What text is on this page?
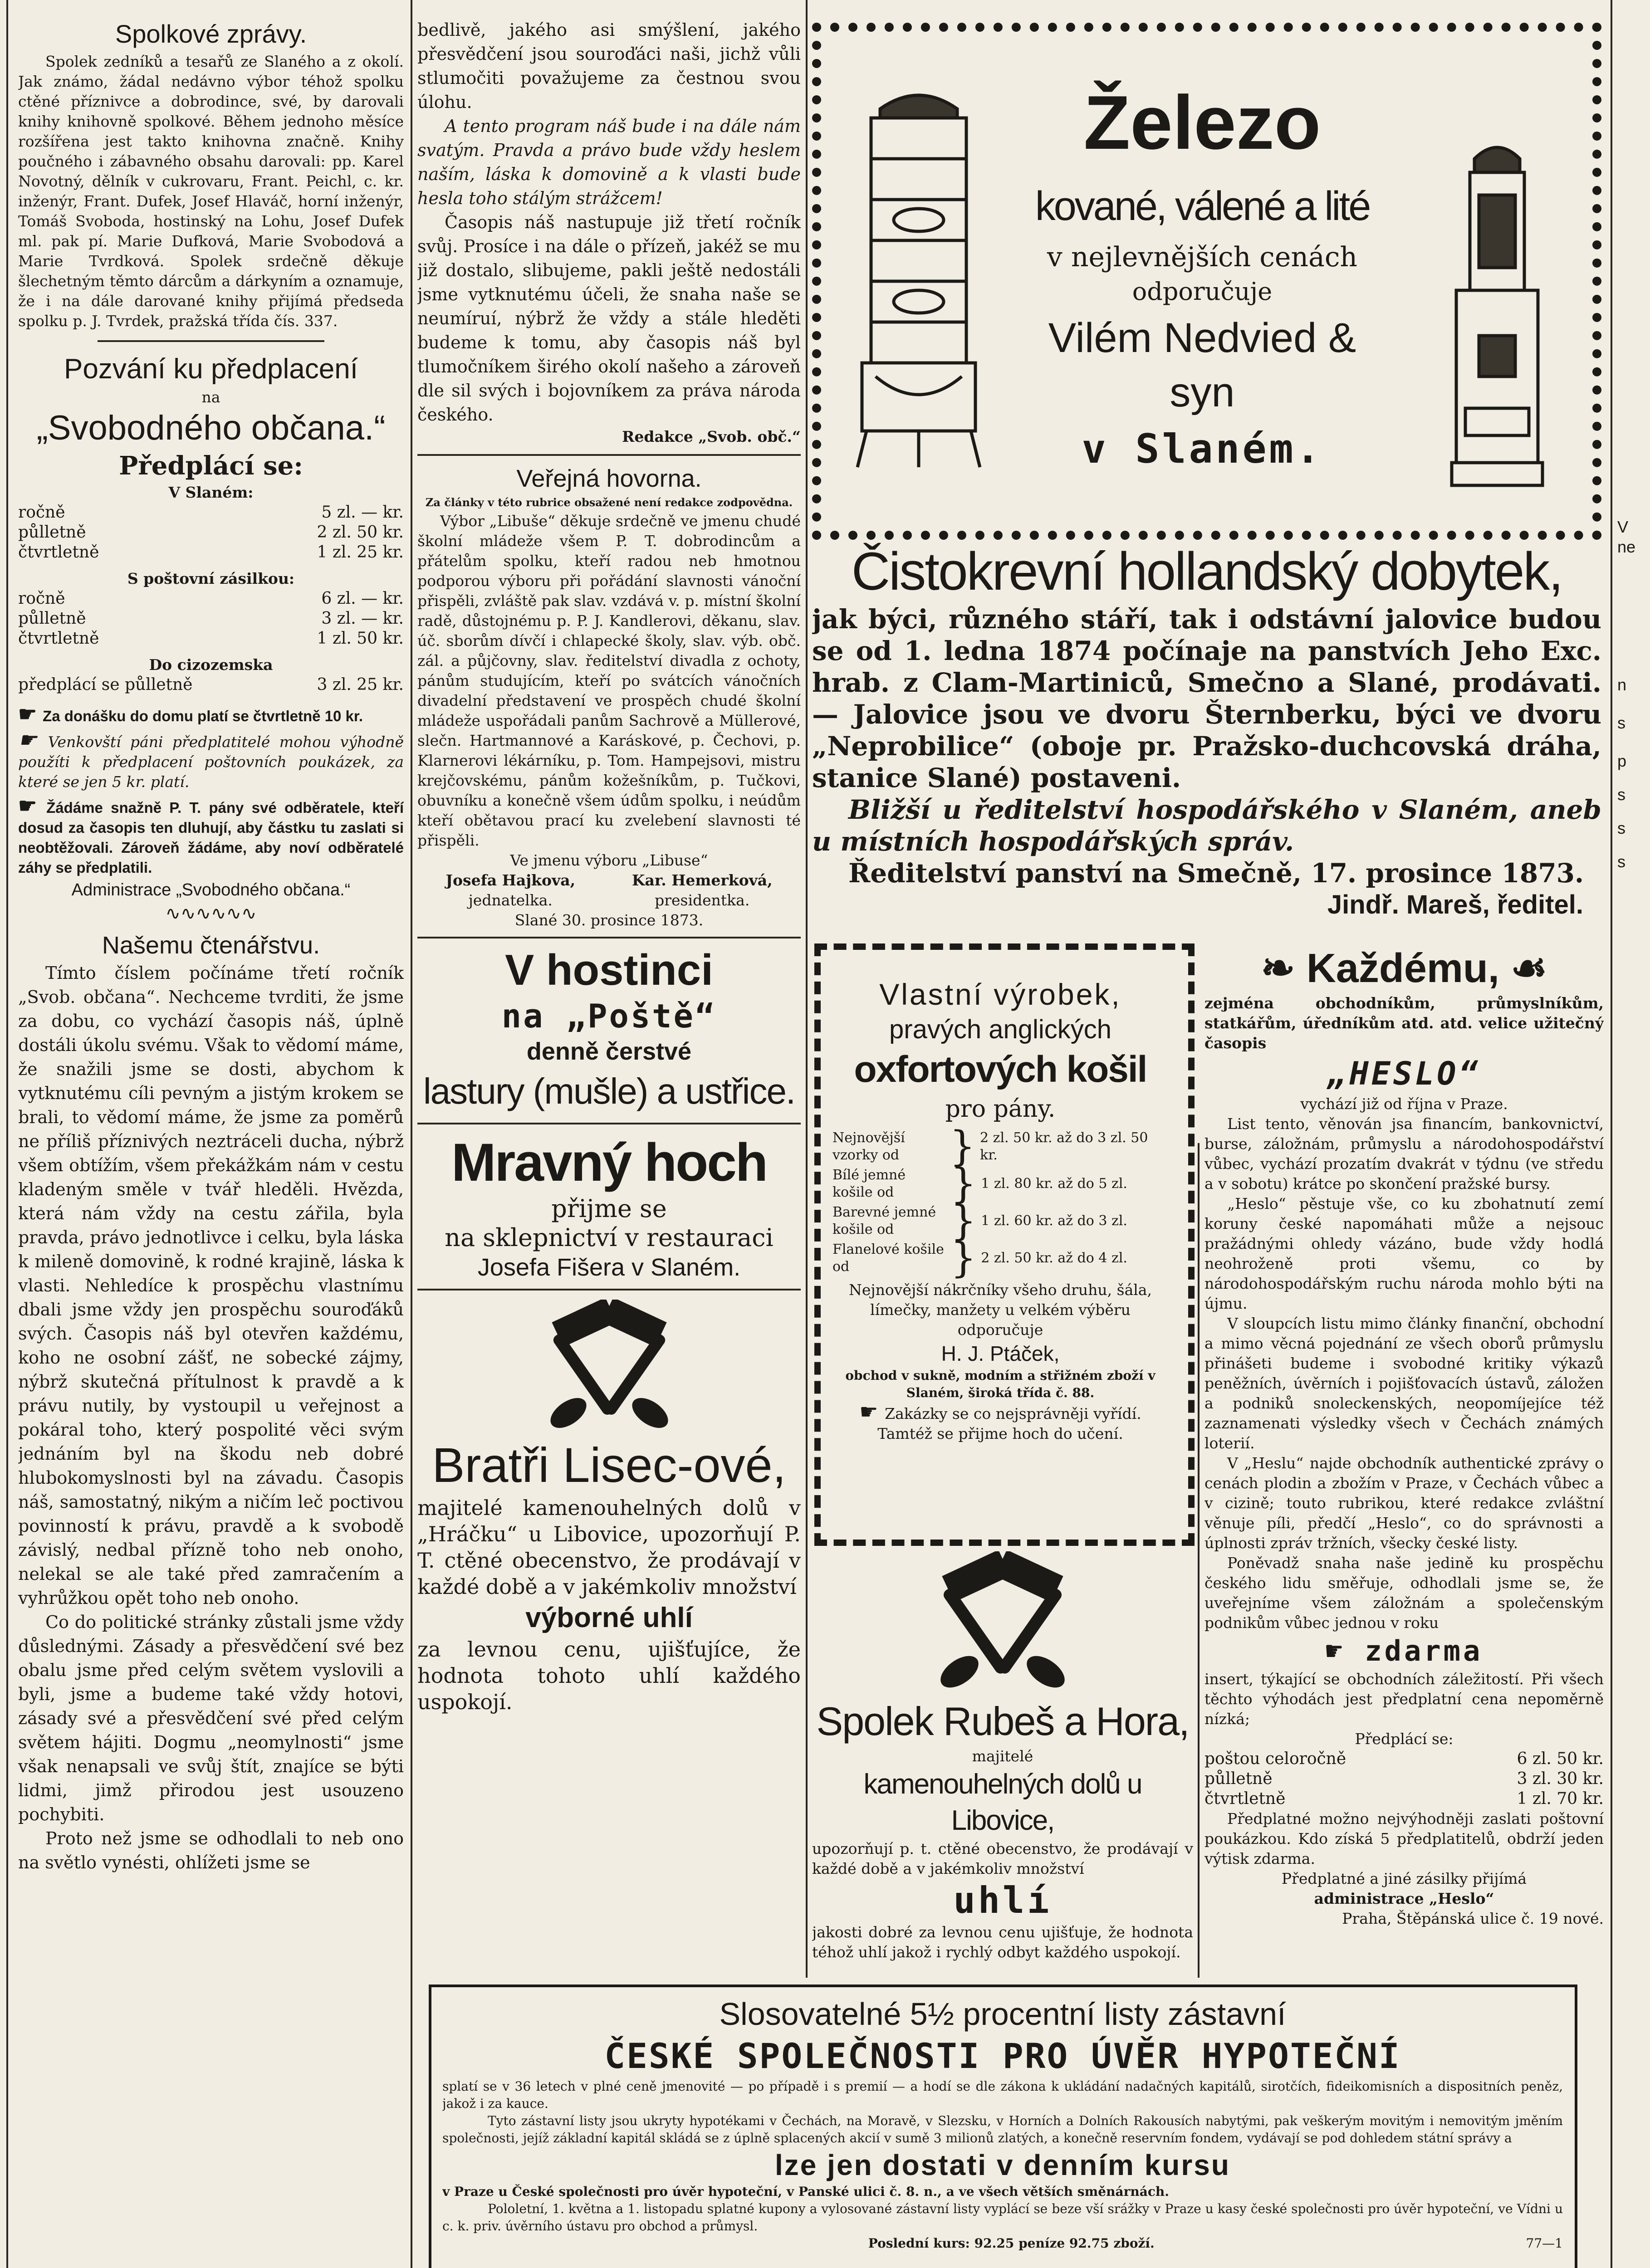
Spolkové zprávy.

Spolek zedníků a tesařů ze Slaného a z okolí. Jak známo, žádal nedávno výbor téhož spolku ctěné příznivce a dobrodince, své, by darovali knihy knihovně spolkové. Během jednoho měsíce rozšířena jest takto knihovna značně. Knihy poučného i zábavného obsahu darovali: pp. Karel Novotný, dělník v cukrovaru, Frant. Peichl, c. kr. inženýr, Frant. Dufek, Josef Hlaváč, horní inženýr, Tomáš Svoboda, hostinský na Lohu, Josef Dufek ml. pak pí. Marie Dufková, Marie Svobodová a Marie Tvrdková. Spolek srdečně děkuje šlechetným těmto dárcům a dárkyním a oznamuje, že i na dále darované knihy přijímá předseda spolku p. J. Tvrdek, pražská třída čís. 337.

Pozvání ku předplacení

na

„Svobodného občana.“

Předplácí se:

V Slaném:

ročně	5 zl. — kr.
půlletně	2 zl. 50 kr.
čtvrtletně	1 zl. 25 kr.

S poštovní zásilkou:

ročně	6 zl. — kr.
půlletně	3 zl. — kr.
čtvrtletně	1 zl. 50 kr.

Do cizozemska

předplácí se půlletně	3 zl. 25 kr.

☛ Za donášku do domu platí se čtvrtletně 10 kr.

☛ Venkovští páni předplatitelé mohou výhodně použíti k předplacení poštovních poukázek, za které se jen 5 kr. platí.

☛ Žádáme snažně P. T. pány své odběratele, kteří dosud za časopis ten dluhují, aby částku tu zaslati si neobtěžovali. Zároveň žádáme, aby noví odběratelé záhy se předplatili.

Administrace „Svobodného občana.“

∿∿∿∿∿∿

Našemu čtenářstvu.

Tímto číslem počínáme třetí ročník „Svob. občana“. Nechceme tvrditi, že jsme za dobu, co vychází časopis náš, úplně dostáli úkolu svému. Však to vědomí máme, že snažili jsme se dosti, abychom k vytknutému cíli pevným a jistým krokem se brali, to vědomí máme, že jsme za poměrů ne příliš příznivých neztráceli ducha, nýbrž všem obtížím, všem překážkám nám v cestu kladeným směle v tvář hleděli. Hvězda, která nám vždy na cestu zářila, byla pravda, právo jednotlivce i celku, byla láska k mileně domovině, k rodné krajině, láska k vlasti. Nehledíce k prospěchu vlastnímu dbali jsme vždy jen prospěchu souroďáků svých. Časopis náš byl otevřen každému, koho ne osobní zášť, ne sobecké zájmy, nýbrž skutečná přítulnost k pravdě a k právu nutily, by vystoupil u veřejnost a pokáral toho, který pospolité věci svým jednáním byl na škodu neb dobré hlubokomyslnosti byl na závadu. Časopis náš, samostatný, nikým a ničím leč poctivou povinností k právu, pravdě a k svobodě závislý, nedbal přízně toho neb onoho, nelekal se ale také před zamračením a vyhrůžkou opět toho neb onoho.

Co do politické stránky zůstali jsme vždy důslednými. Zásady a přesvědčení své bez obalu jsme před celým světem vyslovili a byli, jsme a budeme také vždy hotovi, zásady své a přesvědčení své před celým světem hájiti. Dogmu „neomylnosti“ jsme však nenapsali ve svůj štít, znajíce se býti lidmi, jimž přirodou jest usouzeno pochybiti.

Proto než jsme se odhodlali to neb ono na světlo vynésti, ohlížeti jsme se

bedlivě, jakého asi smýšlení, jakého přesvědčení jsou souroďáci naši, jichž vůli stlumočiti považujeme za čestnou svou úlohu.

A tento program náš bude i na dále nám svatým. Pravda a právo bude vždy heslem naším, láska k domovině a k vlasti bude hesla toho stálým strážcem!

Časopis náš nastupuje již třetí ročník svůj. Prosíce i na dále o přízeň, jakéž se mu již dostalo, slibujeme, pakli ještě nedostáli jsme vytknutému účeli, že snaha naše se neumíruí, nýbrž že vždy a stále hleděti budeme k tomu, aby časopis náš byl tlumočníkem širého okolí našeho a zároveň dle sil svých i bojovníkem za práva národa českého.

Redakce „Svob. obč.“

Veřejná hovorna.

Za články v této rubrice obsažené není redakce zodpovědna.

Výbor „Libuše“ děkuje srdečně ve jmenu chudé školní mládeže všem P. T. dobrodincům a přátelům spolku, kteří radou neb hmotnou podporou výboru při pořádání slavnosti vánoční přispěli, zvláště pak slav. vzdává v. p. místní školní radě, důstojnému p. P. J. Kandlerovi, děkanu, slav. úč. sborům dívčí i chlapecké školy, slav. výb. obč. zál. a půjčovny, slav. ředitelství divadla z ochoty, pánům studujícím, kteří po svátcích vánočních divadelní představení ve prospěch chudé školní mládeže uspořádali panům Sachrově a Müllerové, slečn. Hartmannové a Karáskové, p. Čechovi, p. Klarnerovi lékárníku, p. Tom. Hampejsovi, mistru krejčovskému, pánům kožešníkům, p. Tučkovi, obuvníku a konečně všem údům spolku, i neúdům kteří obětavou prací ku zvelebení slavnosti té přispěli.

Ve jmenu výboru „Libuse“

Josefa Hajkova,

jednatelka.

Kar. Hemerková,

presidentka.

Slané 30. prosince 1873.

V hostinci

na „Poště“

denně čerstvé

lastury (mušle) a ustřice.

Mravný hoch

přijme se

na sklepnictví v restauraci

Josefa Fišera v Slaném.

Bratři Lisec-ové,

majitelé kamenouhelných dolů v „Hráčku“ u Libovice, upozorňují P. T. ctěné obecenstvo, že prodávají v každé době a v jakémkoliv množství

výborné uhlí

za levnou cenu, ujišťujíce, že hodnota tohoto uhlí každého uspokojí.

Železo

kované, válené a lité

v nejlevnějších cenách

odporučuje

Vilém Nedvied &

syn

v Slaném.

Čistokrevní hollandský dobytek,

jak býci, různého stáří, tak i odstávní jalovice budou se od 1. ledna 1874 počínaje na panstvích Jeho Exc. hrab. z Clam-Martiniců, Smečno a Slané, prodávati. — Jalovice jsou ve dvoru Šternberku, býci ve dvoru „Neprobilice“ (oboje pr. Pražsko-duchcovská dráha, stanice Slané) postaveni.

Bližší u ředitelství hospodářského v Slaném, aneb u místních hospodářských správ.

Ředitelství panství na Smečně, 17. prosince 1873.

Jindř. Mareš, ředitel.

Vlastní výrobek,

pravých anglických

oxfortových košil

pro pány.

Nejnovější vzorky od	} 2 zl. 50 kr. až do 3 zl. 50 kr.
Bílé jemné košile od	} 1 zl. 80 kr. až do 5 zl.
Barevné jemné košile od	} 1 zl. 60 kr. až do 3 zl.
Flanelové košile od	} 2 zl. 50 kr. až do 4 zl.

Nejnovější nákrčníky všeho druhu, šála, límečky, manžety u velkém výběru odporučuje

H. J. Ptáček,

obchod v sukně, modním a střižném zboží v Slaném, široká třída č. 88.

☛ Zakázky se co nejsprávněji vyřídí.

Tamtéž se přijme hoch do učení.

Spolek Rubeš a Hora,

majitelé

kamenouhelných dolů u Libovice,

upozorňují p. t. ctěné obecenstvo, že prodávají v každé době a v jakémkoliv množství

uhlí

jakosti dobré za levnou cenu ujišťuje, že hodnota téhož uhlí jakož i rychlý odbyt každého uspokojí.

❧ Každému, ☙

zejména obchodníkům, průmyslníkům, statkářům, úředníkům atd. atd. velice užitečný časopis

„HESLO“

vychází již od října v Praze.

List tento, věnován jsa financím, bankovnictví, burse, záložnám, průmyslu a národohospodářství vůbec, vychází prozatím dvakrát v týdnu (ve středu a v sobotu) krátce po skončení pražské bursy.

„Heslo“ pěstuje vše, co ku zbohatnutí zemí koruny české napomáhati může a nejsouc pražádnými ohledy vázáno, bude vždy hodlá neohroženě proti všemu, co by národohospodářským ruchu národa mohlo býti na újmu.

V sloupcích listu mimo články finanční, obchodní a mimo věcná pojednání ze všech oborů průmyslu přinášeti budeme i svobodné kritiky výkazů peněžních, úvěrních i pojišťovacích ústavů, záložen a podniků snoleckenských, neopomíjejíce též zaznamenati výsledky všech v Čechách známých loterií.

V „Heslu“ najde obchodník authentické zprávy o cenách plodin a zbožím v Praze, v Čechách vůbec a v cizině; touto rubrikou, které redakce zvláštní věnuje píli, předčí „Heslo“, co do správnosti a úplnosti zpráv tržních, všecky české listy.

Poněvadž snaha naše jedině ku prospěchu českého lidu směřuje, odhodlali jsme se, že uveřejníme všem záložnám a společenským podnikům vůbec jednou v roku

☛ zdarma

insert, týkající se obchodních záležitostí. Při všech těchto výhodách jest předplatní cena nepoměrně nízká;

Předplácí se:

poštou celoročně	6 zl. 50 kr.
půlletně	3 zl. 30 kr.
čtvrtletně	1 zl. 70 kr.

Předplatné možno nejvýhodněji zaslati poštovní poukázkou. Kdo získá 5 předplatitelů, obdrží jeden výtisk zdarma.

Předplatné a jiné zásilky přijímá

administrace „Heslo“

Praha, Štěpánská ulice č. 19 nové.

Slosovatelné 5½ procentní listy zástavní

ČESKÉ SPOLEČNOSTI PRO ÚVĚR HYPOTEČNÍ

splatí se v 36 letech v plné ceně jmenovité — po případě i s premií — a hodí se dle zákona k ukládání nadačných kapitálů, sirotčích, fideikomisních a dispositních peněz, jakož i za kauce.

Tyto zástavní listy jsou ukryty hypotékami v Čechách, na Moravě, v Slezsku, v Horních a Dolních Rakousích nabytými, pak veškerým movitým i nemovitým jměním společnosti, jejíž základní kapitál skládá se z úplně splacených akcií v sumě 3 milionů zlatých, a konečně reservním fondem, vydávají se pod dohledem státní správy a

lze jen dostati v denním kursu

v Praze u České společnosti pro úvěr hypoteční, v Panské ulici č. 8. n., a ve všech větších směnárnách.

Pololetní, 1. května a 1. listopadu splatné kupony a vylosované zástavní listy vyplácí se beze vší srážky v Praze u kasy české společnosti pro úvěr hypoteční, ve Vídni u c. k. priv. úvěrního ústavu pro obchod a průmysl.

Poslední kurs: 92.25 peníze 92.75 zboží.	77—1

V

ne

n

s

p

s

s

s
